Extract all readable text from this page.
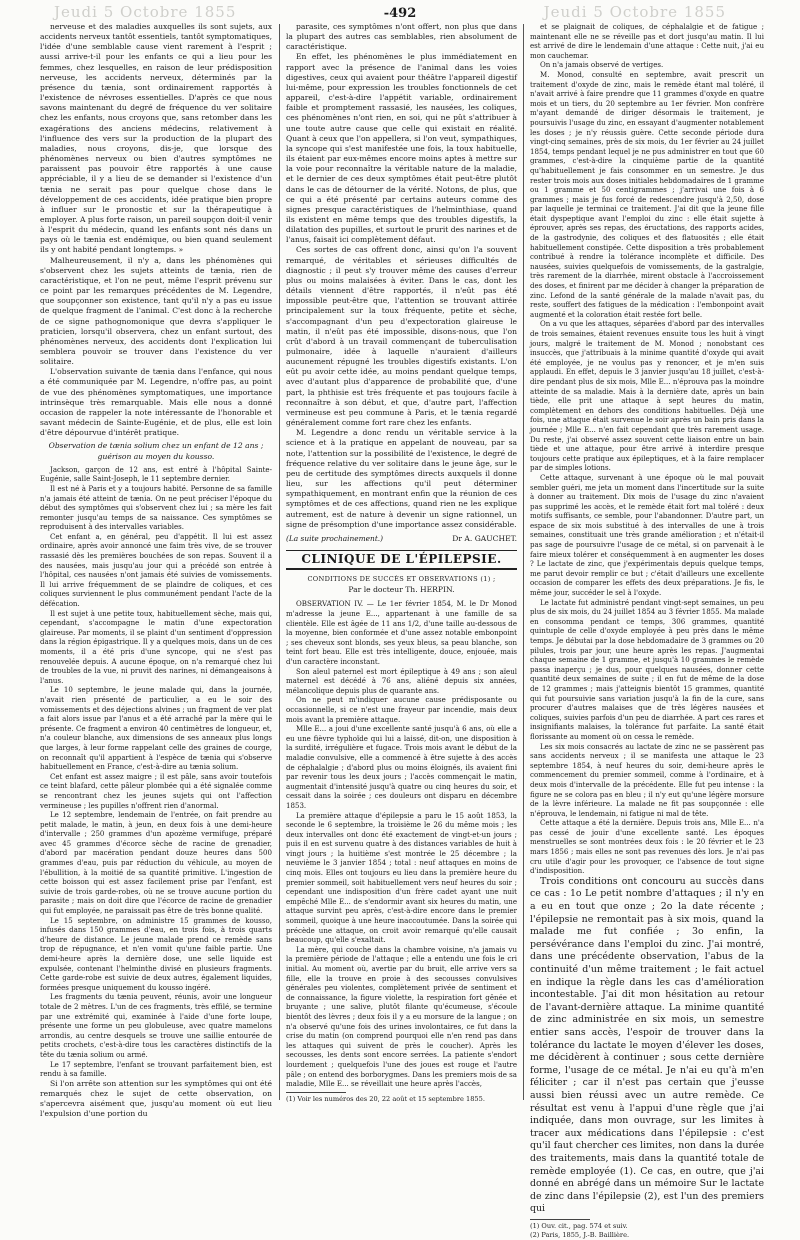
Jeudi 5 Octobre 1855	-492	Jeudi 5 Octobre 1855

nerveuse et des maladies auxquelles ils sont sujets, aux accidents nerveux tantôt essentiels, tantôt symptomatiques, l'idée d'une semblable cause vient rarement à l'esprit ; aussi arrive-t-il pour les enfants ce qui a lieu pour les femmes, chez lesquelles, en raison de leur prédisposition nerveuse, les accidents nerveux, déterminés par la présence du tænia, sont ordinairement rapportés à l'existence de névroses essentielles. D'après ce que nous savons maintenant du degré de fréquence du ver solitaire chez les enfants, nous croyons que, sans retomber dans les exagérations des anciens médecins, relativement à l'influence des vers sur la production de la plupart des maladies, nous croyons, dis-je, que lorsque des phénomènes nerveux ou bien d'autres symptômes ne paraissent pas pouvoir être rapportés à une cause appréciable, il y a lieu de se demander si l'existence d'un tænia ne serait pas pour quelque chose dans le développement de ces accidents, idée pratique bien propre à influer sur le pronostic et sur la thérapeutique à employer. A plus forte raison, un pareil soupçon doit-il venir à l'esprit du médecin, quand les enfants sont nés dans un pays où le tænia est endémique, ou bien quand seulement ils y ont habité pendant longtemps. »

Malheureusement, il n'y a, dans les phénomènes qui s'observent chez les sujets atteints de tænia, rien de caractéristique, et l'on ne peut, même l'esprit prévenu sur ce point par les remarques précédentes de M. Legendre, que soupçonner son existence, tant qu'il n'y a pas eu issue de quelque fragment de l'animal. C'est donc à la recherche de ce signe pathognomonique que devra s'appliquer le praticien, lorsqu'il observera, chez un enfant surtout, des phénomènes nerveux, des accidents dont l'explication lui semblera pouvoir se trouver dans l'existence du ver solitaire.

L'observation suivante de tænia dans l'enfance, qui nous a été communiquée par M. Legendre, n'offre pas, au point de vue des phénomènes symptomatiques, une importance intrinsèque très remarquable. Mais elle nous a donné occasion de rappeler la note intéressante de l'honorable et savant médecin de Sainte-Eugénie, et de plus, elle est loin d'être dépourvue d'intérêt pratique.

Observation de tænia solium chez un enfant de 12 ans ; guérison au moyen du kousso.

Jackson, garçon de 12 ans, est entré à l'hôpital Sainte-Eugénie, salle Saint-Joseph, le 11 septembre dernier.

Il est né à Paris et y a toujours habité. Personne de sa famille n'a jamais été atteint de tænia. On ne peut préciser l'époque du début des symptômes qui s'observent chez lui ; sa mère les fait remonter jusqu'au temps de sa naissance. Ces symptômes se reproduisent à des intervalles variables.

Cet enfant a, en général, peu d'appétit. Il lui est assez ordinaire, après avoir annoncé une faim très vive, de se trouver rassasié dès les premières bouchées de son repas. Souvent il a des nausées, mais jusqu'au jour qui a précédé son entrée à l'hôpital, ces nausées n'ont jamais été suivies de vomissements. Il lui arrive fréquemment de se plaindre de coliques, et ces coliques surviennent le plus communément pendant l'acte de la défécation.

Il est sujet à une petite toux, habituellement sèche, mais qui, cependant, s'accompagne le matin d'une expectoration glaireuse. Par moments, il se plaint d'un sentiment d'oppression dans la région épigastrique. Il y a quelques mois, dans un de ces moments, il a été pris d'une syncope, qui ne s'est pas renouvelée depuis. A aucune époque, on n'a remarqué chez lui de troubles de la vue, ni pruvit des narines, ni démangeaisons à l'anus.

Le 10 septembre, le jeune malade qui, dans la journée, n'avait rien présenté de particulier, a eu le soir des vomissements et des déjections alvines ; un fragment de ver plat a fait alors issue par l'anus et a été arraché par la mère qui le présente. Ce fragment a environ 40 centimètres de longueur, et, n'a couleur blanche, aux dimensions de ses anneaux plus longs que larges, à leur forme rappelant celle des graines de courge, on reconnaît qu'il appartient à l'espèce de tænia qui s'observe habituellement en France, c'est-à-dire au tænia solium.

Cet enfant est assez maigre ; il est pâle, sans avoir toutefois ce teint blafard, cette pâleur plombée qui a été signalée comme se rencontrant chez les jeunes sujets qui ont l'affection vermineuse ; les pupilles n'offrent rien d'anormal.

Le 12 septembre, lendemain de l'entrée, on fait prendre au petit malade, le matin, à jeun, en deux fois à une demi-heure d'intervalle ; 250 grammes d'un apozème vermifuge, préparé avec 45 grammes d'écorce sèche de racine de grenadier, d'abord par macération pendant douze heures dans 500 grammes d'eau, puis par réduction du véhicule, au moyen de l'ébullition, à la moitié de sa quantité primitive. L'ingestion de cette boisson qui est assez facilement prise par l'enfant, est suivie de trois garde-robes, où ne se trouve aucune portion du parasite ; mais on doit dire que l'écorce de racine de grenadier qui fut employée, ne paraissait pas être de très bonne qualité.

Le 15 septembre, on administre 15 grammes de kousso, infusés dans 150 grammes d'eau, en trois fois, à trois quarts d'heure de distance. Le jeune malade prend ce remède sans trop de répugnance, et n'en vomit qu'une faible partie. Une demi-heure après la dernière dose, une selle liquide est expulsée, contenant l'helminthe divisé en plusieurs fragments. Cette garde-robe est suivie de deux autres, également liquides, formées presque uniquement du kousso ingéré.

Les fragments du tænia peuvent, réunis, avoir une longueur totale de 2 mètres. L'un de ces fragments, très effilé, se termine par une extrémité qui, examinée à l'aide d'une forte loupe, présente une forme un peu globuleuse, avec quatre mamelons arrondis, au centre desquels se trouve une saillie entourée de petits crochets, c'est-à-dire tous les caractères distinctifs de la tête du tænia solium ou armé.

Le 17 septembre, l'enfant se trouvant parfaitement bien, est rendu à sa famille.

Si l'on arrête son attention sur les symptômes qui ont été remarqués chez le sujet de cette observation, on s'apercevra aisément que, jusqu'au moment où eut lieu l'expulsion d'une portion du

parasite, ces symptômes n'ont offert, non plus que dans la plupart des autres cas semblables, rien absolument de caractéristique.

En effet, les phénomènes le plus immédiatement en rapport avec la présence de l'animal dans les voies digestives, ceux qui avaient pour théâtre l'appareil digestif lui-même, pour expression les troubles fonctionnels de cet appareil, c'est-à-dire l'appétit variable, ordinairement faible et promptement rassasié, les nausées, les coliques, ces phénomènes n'ont rien, en soi, qui ne pût s'attribuer à une toute autre cause que celle qui existait en réalité. Quant à ceux que l'on appellera, si l'on veut, sympathiques, la syncope qui s'est manifestée une fois, la toux habituelle, ils étaient par eux-mêmes encore moins aptes à mettre sur la voie pour reconnaître la véritable nature de la maladie, et le dernier de ces deux symptômes était peut-être plutôt dans le cas de détourner de la vérité. Notons, de plus, que ce qui a été présenté par certains auteurs comme des signes presque caractéristiques de l'helminthiase, quand ils existent en même temps que des troubles digestifs, la dilatation des pupilles, et surtout le prurit des narines et de l'anus, faisait ici complètement défaut.

Ces sortes de cas offrent donc, ainsi qu'on l'a souvent remarqué, de véritables et sérieuses difficultés de diagnostic ; il peut s'y trouver même des causes d'erreur plus ou moins malaisées à éviter. Dans le cas, dont les détails viennent d'être rapportés, il n'eût pas été impossible peut-être que, l'attention se trouvant attirée principalement sur la toux fréquente, petite et sèche, s'accompagnant d'un peu d'expectoration glaireuse le matin, il n'eût pas été impossible, disons-nous, que l'on crût d'abord à un travail commençant de tuberculisation pulmonaire, idée à laquelle n'auraient d'ailleurs aucunement répugné les troubles digestifs existants. L'on eût pu avoir cette idée, au moins pendant quelque temps, avec d'autant plus d'apparence de probabilité que, d'une part, la phthisie est très fréquente et pas toujours facile à reconnaître à son début, et que, d'autre part, l'affection vermineuse est peu commune à Paris, et le tænia regardé généralement comme fort rare chez les enfants.

M. Legendre a donc rendu un véritable service à la science et à la pratique en appelant de nouveau, par sa note, l'attention sur la possibilité de l'existence, le degré de fréquence relative du ver solitaire dans le jeune âge, sur le peu de certitude des symptômes directs auxquels il donne lieu, sur les affections qu'il peut déterminer sympathiquement, en montrant enfin que la réunion de ces symptômes et de ces affections, quand rien ne les explique autrement, est de nature à devenir un signe rationnel, un signe de présomption d'une importance assez considérable.

(La suite prochainement.)	Dr A. GAUCHET.
CLINIQUE DE L'ÉPILEPSIE.

CONDITIONS DE SUCCÈS ET OBSERVATIONS (1) ;

Par le docteur Th. HERPIN.

OBSERVATION IV. — Le 1er février 1854, M. le Dr Monod m'adresse la jeune E..., appartenant à une famille de sa clientèle. Elle est âgée de 11 ans 1/2, d'une taille au-dessous de la moyenne, bien conformée et d'une assez notable embonpoint ; ses cheveux sont blonds, ses yeux bleus, sa peau blanche, son teint fort beau. Elle est très intelligente, douce, enjouée, mais d'un caractère inconstant.

Son aïeul paternel est mort épileptique à 49 ans ; son aïeul maternel est décédé à 76 ans, aliéné depuis six années, mélancolique depuis plus de quarante ans.

On ne peut m'indiquer aucune cause prédisposante ou occasionnelle, si ce n'est une frayeur par incendie, mais deux mois avant la première attaque.

Mlle E... a joui d'une excellente santé jusqu'à 6 ans, où elle a eu une fièvre typhoïde qui lui a laissé, dit-on, une disposition à la surdité, irrégulière et fugace. Trois mois avant le début de la maladie convulsive, elle a commencé à être sujette à des accès de céphalalgie ; d'abord plus ou moins éloignés, ils avaient fini par revenir tous les deux jours ; l'accès commençait le matin, augmentait d'intensité jusqu'à quatre ou cinq heures du soir, et cessait dans la soirée ; ces douleurs ont disparu en décembre 1853.

La première attaque d'épilepsie a paru le 15 août 1853, la seconde le 6 septembre, la troisième le 26 du même mois ; les deux intervalles ont donc été exactement de vingt-et-un jours ; puis il en est survenu quatre à des distances variables de huit à vingt jours ; la huitième s'est montrée le 25 décembre ; la neuvième le 3 janvier 1854 ; total : neuf attaques en moins de cinq mois. Elles ont toujours eu lieu dans la première heure du premier sommeil, soit habituellement vers neuf heures du soir ; cependant une indisposition d'un frère cadet ayant une nuit empêché Mlle E... de s'endormir avant six heures du matin, une attaque survint peu après, c'est-à-dire encore dans le premier sommeil, quoique à une heure inaccoutumée. Dans la soirée qui précède une attaque, on croit avoir remarqué qu'elle causait beaucoup, qu'elle s'exaltait.

La mère, qui couche dans la chambre voisine, n'a jamais vu la première période de l'attaque ; elle a entendu une fois le cri initial. Au moment où, avertie par du bruit, elle arrive vers sa fille, elle la trouve en proie à des secousses convulsives générales peu violentes, complètement privée de sentiment et de connaissance, la figure violette, la respiration fort gênée et bruyante ; une salive, plutôt filante qu'écumeuse, s'écoule bientôt des lèvres ; deux fois il y a eu morsure de la langue ; on n'a observé qu'une fois des urines involontaires, ce fut dans la crise du matin (on comprend pourquoi elle n'en rend pas dans les attaques qui suivent de près le coucher). Après les secousses, les dents sont encore serrées. La patiente s'endort lourdement ; quelquefois l'une des joues est rouge et l'autre pâle ; on entend des borborygmes. Dans les premiers mois de sa maladie, Mlle E... se réveillait une heure après l'accès,

(1) Voir les numéros des 20, 22 août et 15 septembre 1855.

et se plaignait de coliques, de céphalalgie et de fatigue ; maintenant elle ne se réveille pas et dort jusqu'au matin. Il lui est arrivé de dire le lendemain d'une attaque : Cette nuit, j'ai eu mon cauchemar.

On n'a jamais observé de vertiges.

M. Monod, consulté en septembre, avait prescrit un traitement d'oxyde de zinc, mais le remède étant mal toléré, il n'avait arrivé à faire prendre que 11 grammes d'oxyde en quatre mois et un tiers, du 20 septembre au 1er février. Mon confrère m'ayant demandé de diriger désormais le traitement, je poursuivis l'usage du zinc, en essayant d'augmenter notablement les doses ; je n'y réussis guère. Cette seconde période dura vingt-cinq semaines, près de six mois, du 1er février au 24 juillet 1854, temps pendant lequel je ne pus administrer en tout que 60 grammes, c'est-à-dire la cinquième partie de la quantité qu'habituellement je fais consommer en un semestre. Je dus rester trois mois aux doses initiales hebdomadaires de 1 gramme ou 1 gramme et 50 centigrammes ; j'arrivai une fois à 6 grammes ; mais je fus forcé de redescendre jusqu'à 2,50, dose par laquelle je terminai ce traitement. J'ai dit que la jeune fille était dyspeptique avant l'emploi du zinc : elle était sujette à éprouver, après ses repas, des éructations, des rapports acides, de la gastrodynie, des coliques et des flatuosités ; elle était habituellement constipée. Cette disposition a très probablement contribué à rendre la tolérance incomplète et difficile. Des nausées, suivies quelquefois de vomissements, de la gastralgie, très rarement de la diarrhée, mirent obstacle à l'accroissement des doses, et finirent par me décider à changer la préparation de zinc. Lefond de la santé générale de la malade n'avait pas, du reste, souffert des fatigues de la médication : l'embonpoint avait augmenté et la coloration était restée fort belle.

On a vu que les attaques, séparées d'abord par des intervalles de trois semaines, étaient revenues ensuite tous les huit à vingt jours, malgré le traitement de M. Monod ; nonobstant ces insuccès, que j'attribuais à la minime quantité d'oxyde qui avait été employée, je ne voulus pas y renoncer, et je m'en suis applaudi. En effet, depuis le 3 janvier jusqu'au 18 juillet, c'est-à-dire pendant plus de six mois, Mlle E... n'éprouva pas la moindre atteinte de sa maladie. Mais à la dernière date, après un bain tiède, elle prit une attaque à sept heures du matin, complètement en dehors des conditions habituelles. Déjà une fois, une attaque était survenue le soir après un bain pris dans la journée ; Mlle E... n'en fait cependant que très rarement usage. Du reste, j'ai observé assez souvent cette liaison entre un bain tiède et une attaque, pour être arrivé à interdire presque toujours cette pratique aux épileptiques, et à la faire remplacer par de simples lotions.

Cette attaque, survenant à une époque où le mal pouvait sembler guéri, me jeta un moment dans l'incertitude sur la suite à donner au traitement. Dix mois de l'usage du zinc n'avaient pas supprimé les accès, et le remède était fort mal toléré : deux motifs suffisants, ce semble, pour l'abandonner. D'autre part, un espace de six mois substitué à des intervalles de une à trois semaines, constituait une très grande amélioration ; et n'était-il pas sage de poursuivre l'usage de ce métal, si on parvenait à le faire mieux tolérer et conséquemment à en augmenter les doses ? Le lactate de zinc, que j'expérimentais depuis quelque temps, me parut devoir remplir ce but ; c'était d'ailleurs une excellente occasion de comparer les effets des deux préparations. Je fis, le même jour, succéder le sel à l'oxyde.

Le lactate fut administré pendant vingt-sept semaines, un peu plus de six mois, du 24 juillet 1854 au 3 février 1855. Ma malade en consomma pendant ce temps, 306 grammes, quantité quintuple de celle d'oxyde employée à peu près dans le même temps. Je débutai par la dose hebdomadaire de 3 grammes ou 20 pilules, trois par jour, une heure après les repas. J'augmentai chaque semaine de 1 gramme, et jusqu'à 10 grammes le remède passa inaperçu ; je dus, pour quelques nausées, donner cette quantité deux semaines de suite ; il en fut de même de la dose de 12 grammes ; mais j'atteignis bientôt 15 grammes, quantité qui fut poursuivie sans variation jusqu'à la fin de la cure, sans procurer d'autres malaises que de très légères nausées et coliques, suivies parfois d'un peu de diarrhée. A part ces rares et insignifiants malaises, la tolérance fut parfaite. La santé était florissante au moment où on cessa le remède.

Les six mois consacrés au lactate de zinc ne se passèrent pas sans accidents nerveux ; il se manifesta une attaque le 23 septembre 1854, à neuf heures du soir, demi-heure après le commencement du premier sommeil, comme à l'ordinaire, et à deux mois d'intervalle de la précédente. Elle fut peu intense : la figure ne se colora pas en bleu ; il n'y eut qu'une légère morsure de la lèvre inférieure. La malade ne fit pas soupçonnée : elle n'éprouva, le lendemain, ni fatigue ni mal de tête.

Cette attaque a été la dernière. Depuis trois ans, Mlle E... n'a pas cessé de jouir d'une excellente santé. Les époques menstruelles se sont montrées deux fois : le 20 février et le 23 mars 1856 ; mais elles ne sont pas revenues dès lors. Je n'ai pas cru utile d'agir pour les provoquer, ce l'absence de tout signe d'indisposition.

Trois conditions ont concouru au succès dans ce cas : 1o Le petit nombre d'attaques ; il n'y en a eu en tout que onze ; 2o la date récente ; l'épilepsie ne remontait pas à six mois, quand la malade me fut confiée ; 3o enfin, la persévérance dans l'emploi du zinc. J'ai montré, dans une précédente observation, l'abus de la continuité d'un même traitement ; le fait actuel en indique la règle dans les cas d'amélioration incontestable. J'ai dit mon hésitation au retour de l'avant-dernière attaque. La minime quantité de zinc administrée en six mois, un semestre entier sans accès, l'espoir de trouver dans la tolérance du lactate le moyen d'élever les doses, me décidèrent à continuer ; sous cette dernière forme, l'usage de ce métal. Je n'ai eu qu'à m'en féliciter ; car il n'est pas certain que j'eusse aussi bien réussi avec un autre remède. Ce résultat est venu à l'appui d'une règle que j'ai indiquée, dans mon ouvrage, sur les limites à tracer aux médications dans l'épilepsie : c'est qu'il faut chercher ces limites, non dans la durée des traitements, mais dans la quantité totale de remède employée (1). Ce cas, en outre, que j'ai donné en abrégé dans un mémoire Sur le lactate de zinc dans l'épilepsie (2), est l'un des premiers qui

(1) Ouv. cit., pag. 574 et suiv.

(2) Paris, 1855, J.-B. Baillière.
